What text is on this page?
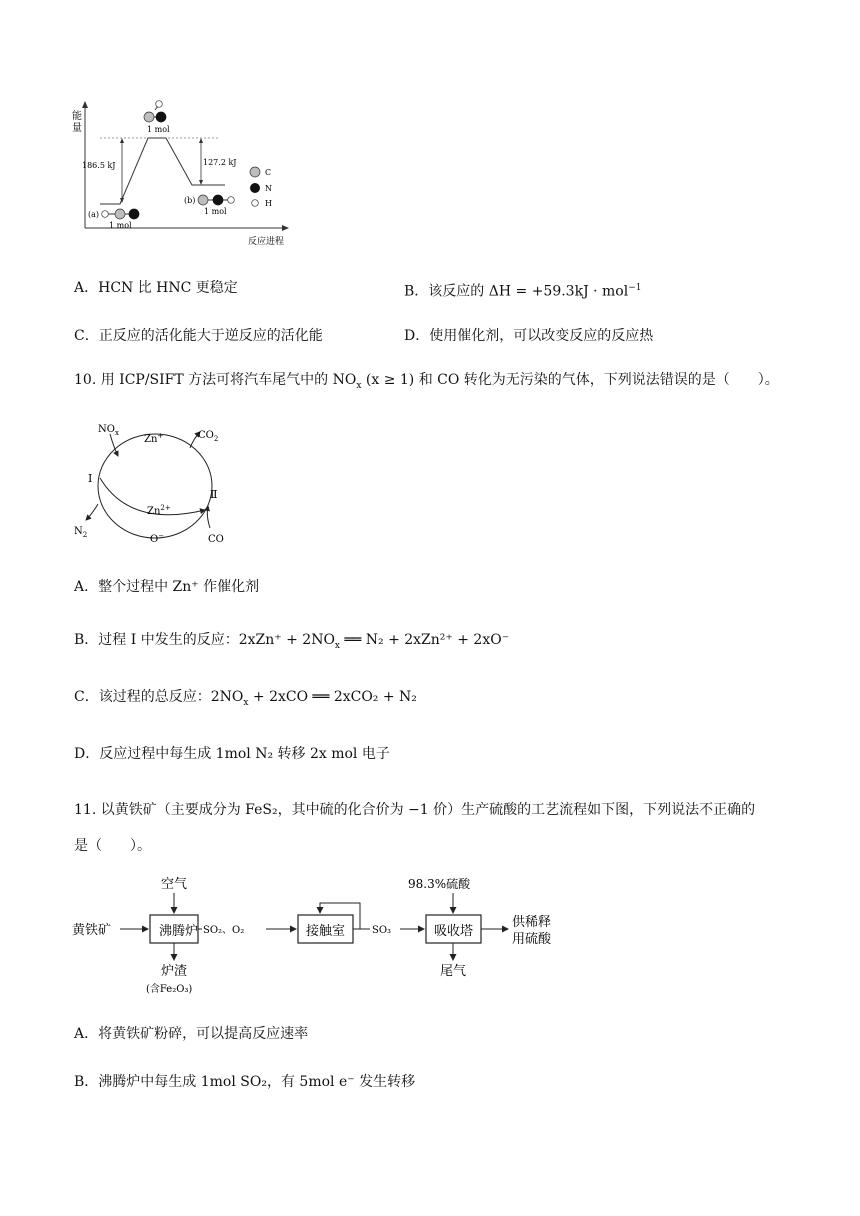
能
量
反应进程
186.5 kJ	127.2 kJ
1 mol
(a)
1 mol
(b)
1 mol
C
N
H
A．HCN 比 HNC 更稳定	B．该反应的 ΔH = +59.3kJ · mol$^{-1}$
C．正反应的活化能大于逆反应的活化能	D．使用催化剂，可以改变反应的反应热
10. 用 ICP/SIFT 方法可将汽车尾气中的 $NO_x$ (x ≥ 1) 和 CO 转化为无污染的气体，下列说法错误的是（　　）。
$NO_x$
Zn+	$CO_2$
I
Ⅱ
$Zn^{2+}$
$N_2$	O−	CO
A．整个过程中 Zn⁺ 作催化剂
B．过程 I 中发生的反应：$2xZn^+ + 2NO_x$ ══ N₂ + 2xZn²⁺ + 2xO⁻
C．该过程的总反应：$2NO_x + 2xCO$ ══ 2xCO₂ + N₂
D．反应过程中每生成 1mol N₂ 转移 2x mol 电子
11. 以黄铁矿（主要成分为 FeS₂，其中硫的化合价为 −1 价）生产硫酸的工艺流程如下图，下列说法不正确的
是（　　）。
沸腾炉	接触室	吸收塔
黄铁矿
空气
炉渣
(含Fe₂O₃)
SO₂、O₂	SO₃
98.3%硫酸
尾气
供稀释
用硫酸
A．将黄铁矿粉碎，可以提高反应速率
B．沸腾炉中每生成 1mol SO₂，有 5mol e⁻ 发生转移
